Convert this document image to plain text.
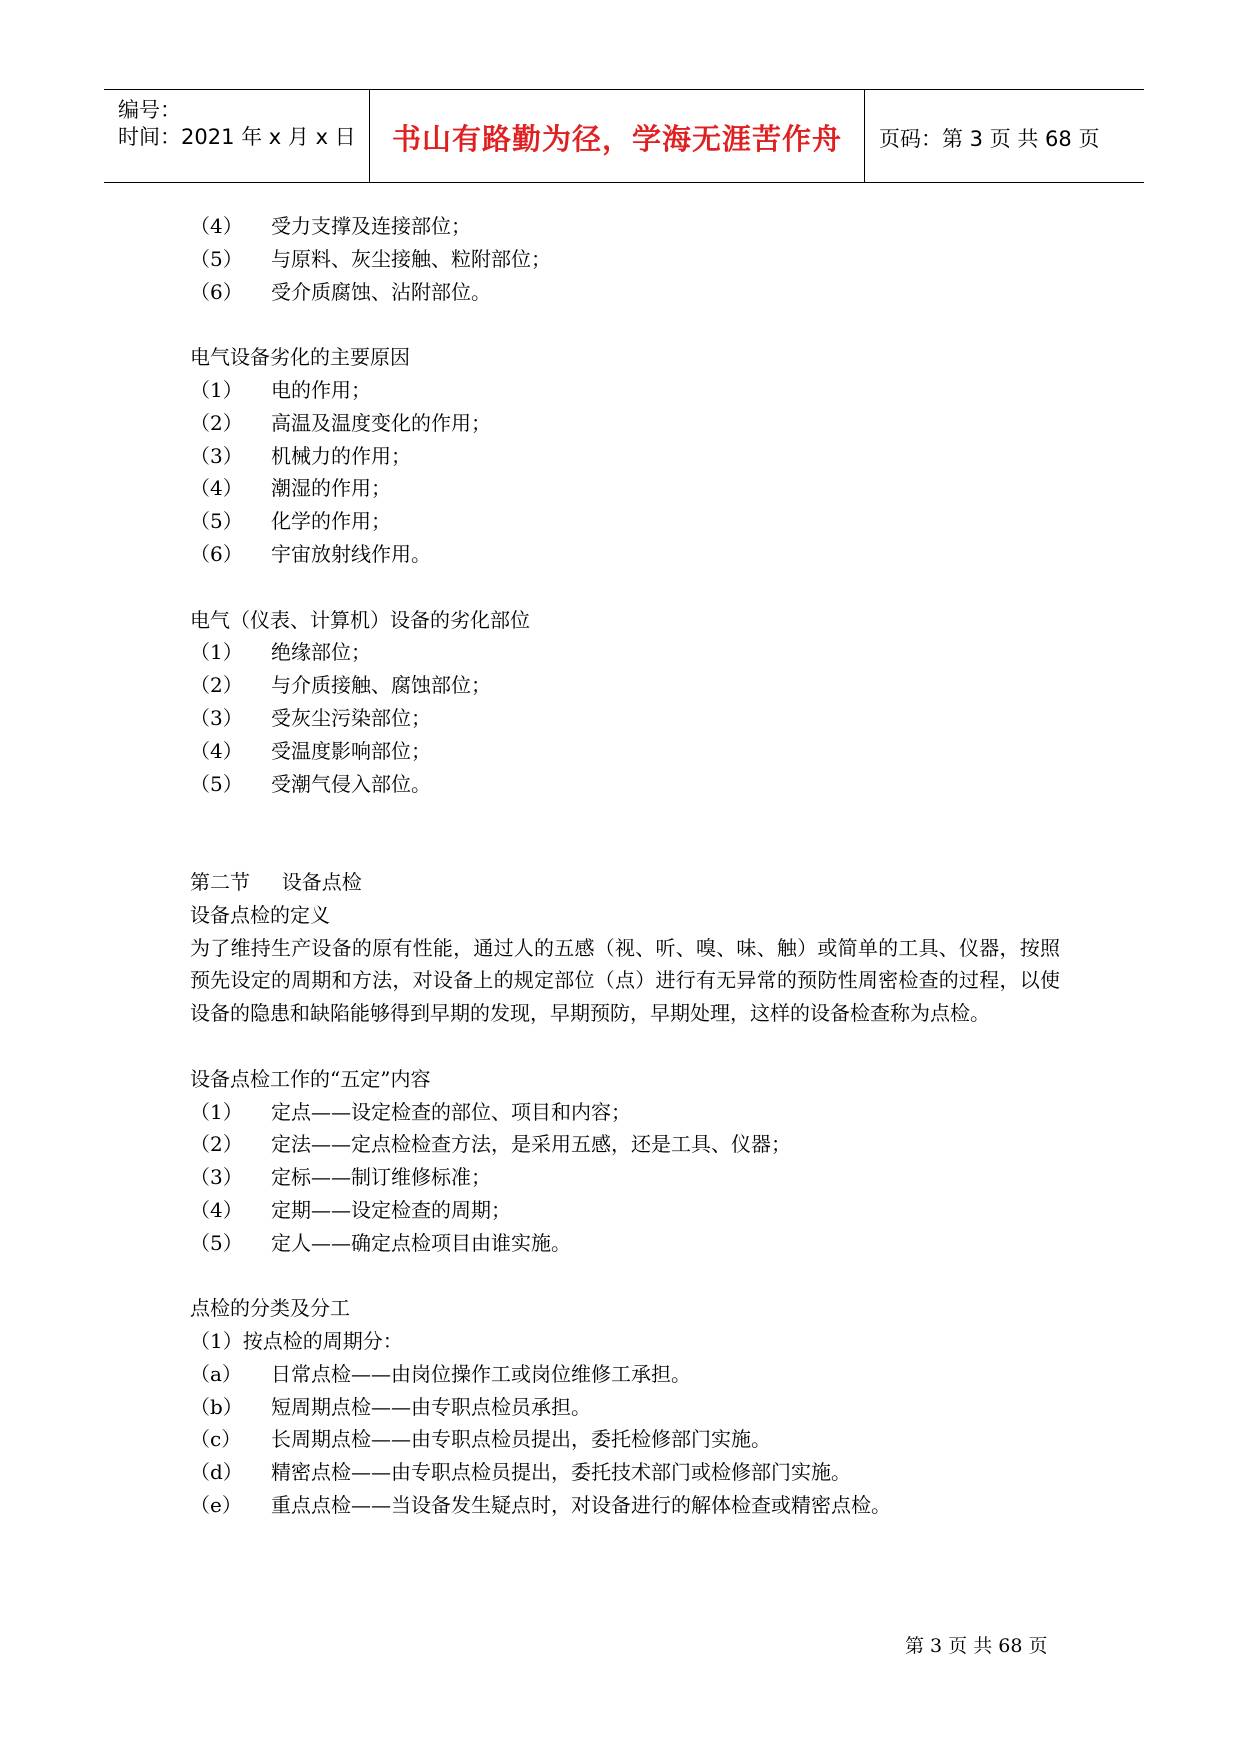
编号：
时间：2021 年 x 月 x 日	书山有路勤为径，学海无涯苦作舟	页码：第 3 页 共 68 页
（4） 受力支撑及连接部位；
（5） 与原料、灰尘接触、粒附部位；
（6） 受介质腐蚀、沾附部位。
电气设备劣化的主要原因
（1） 电的作用；
（2） 高温及温度变化的作用；
（3） 机械力的作用；
（4） 潮湿的作用；
（5） 化学的作用；
（6） 宇宙放射线作用。
电气（仪表、计算机）设备的劣化部位
（1） 绝缘部位；
（2） 与介质接触、腐蚀部位；
（3） 受灰尘污染部位；
（4） 受温度影响部位；
（5） 受潮气侵入部位。
第二节     设备点检
设备点检的定义
为了维持生产设备的原有性能，通过人的五感（视、听、嗅、味、触）或简单的工具、仪器，按照预先设定的周期和方法，对设备上的规定部位（点）进行有无异常的预防性周密检查的过程，以使设备的隐患和缺陷能够得到早期的发现，早期预防，早期处理，这样的设备检查称为点检。
设备点检工作的“五定”内容
（1） 定点——设定检查的部位、项目和内容；
（2） 定法——定点检检查方法，是采用五感，还是工具、仪器；
（3） 定标——制订维修标准；
（4） 定期——设定检查的周期；
（5） 定人——确定点检项目由谁实施。
点检的分类及分工
（1）按点检的周期分：
（a） 日常点检——由岗位操作工或岗位维修工承担。
（b） 短周期点检——由专职点检员承担。
（c） 长周期点检——由专职点检员提出，委托检修部门实施。
（d） 精密点检——由专职点检员提出，委托技术部门或检修部门实施。
（e） 重点点检——当设备发生疑点时，对设备进行的解体检查或精密点检。
第 3 页 共 68 页
